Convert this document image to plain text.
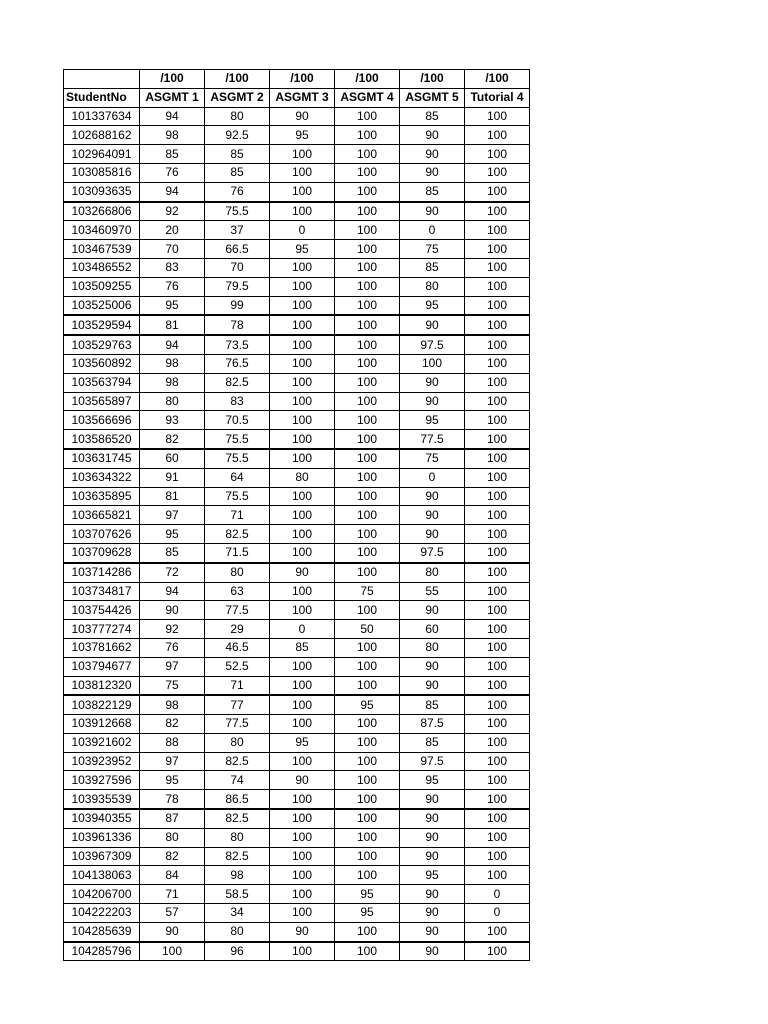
	/100	/100	/100	/100	/100	/100
StudentNo	ASGMT 1	ASGMT 2	ASGMT 3	ASGMT 4	ASGMT 5	Tutorial 4
101337634	94	80	90	100	85	100
102688162	98	92.5	95	100	90	100
102964091	85	85	100	100	90	100
103085816	76	85	100	100	90	100
103093635	94	76	100	100	85	100
103266806	92	75.5	100	100	90	100
103460970	20	37	0	100	0	100
103467539	70	66.5	95	100	75	100
103486552	83	70	100	100	85	100
103509255	76	79.5	100	100	80	100
103525006	95	99	100	100	95	100
103529594	81	78	100	100	90	100
103529763	94	73.5	100	100	97.5	100
103560892	98	76.5	100	100	100	100
103563794	98	82.5	100	100	90	100
103565897	80	83	100	100	90	100
103566696	93	70.5	100	100	95	100
103586520	82	75.5	100	100	77.5	100
103631745	60	75.5	100	100	75	100
103634322	91	64	80	100	0	100
103635895	81	75.5	100	100	90	100
103665821	97	71	100	100	90	100
103707626	95	82.5	100	100	90	100
103709628	85	71.5	100	100	97.5	100
103714286	72	80	90	100	80	100
103734817	94	63	100	75	55	100
103754426	90	77.5	100	100	90	100
103777274	92	29	0	50	60	100
103781662	76	46.5	85	100	80	100
103794677	97	52.5	100	100	90	100
103812320	75	71	100	100	90	100
103822129	98	77	100	95	85	100
103912668	82	77.5	100	100	87.5	100
103921602	88	80	95	100	85	100
103923952	97	82.5	100	100	97.5	100
103927596	95	74	90	100	95	100
103935539	78	86.5	100	100	90	100
103940355	87	82.5	100	100	90	100
103961336	80	80	100	100	90	100
103967309	82	82.5	100	100	90	100
104138063	84	98	100	100	95	100
104206700	71	58.5	100	95	90	0
104222203	57	34	100	95	90	0
104285639	90	80	90	100	90	100
104285796	100	96	100	100	90	100
